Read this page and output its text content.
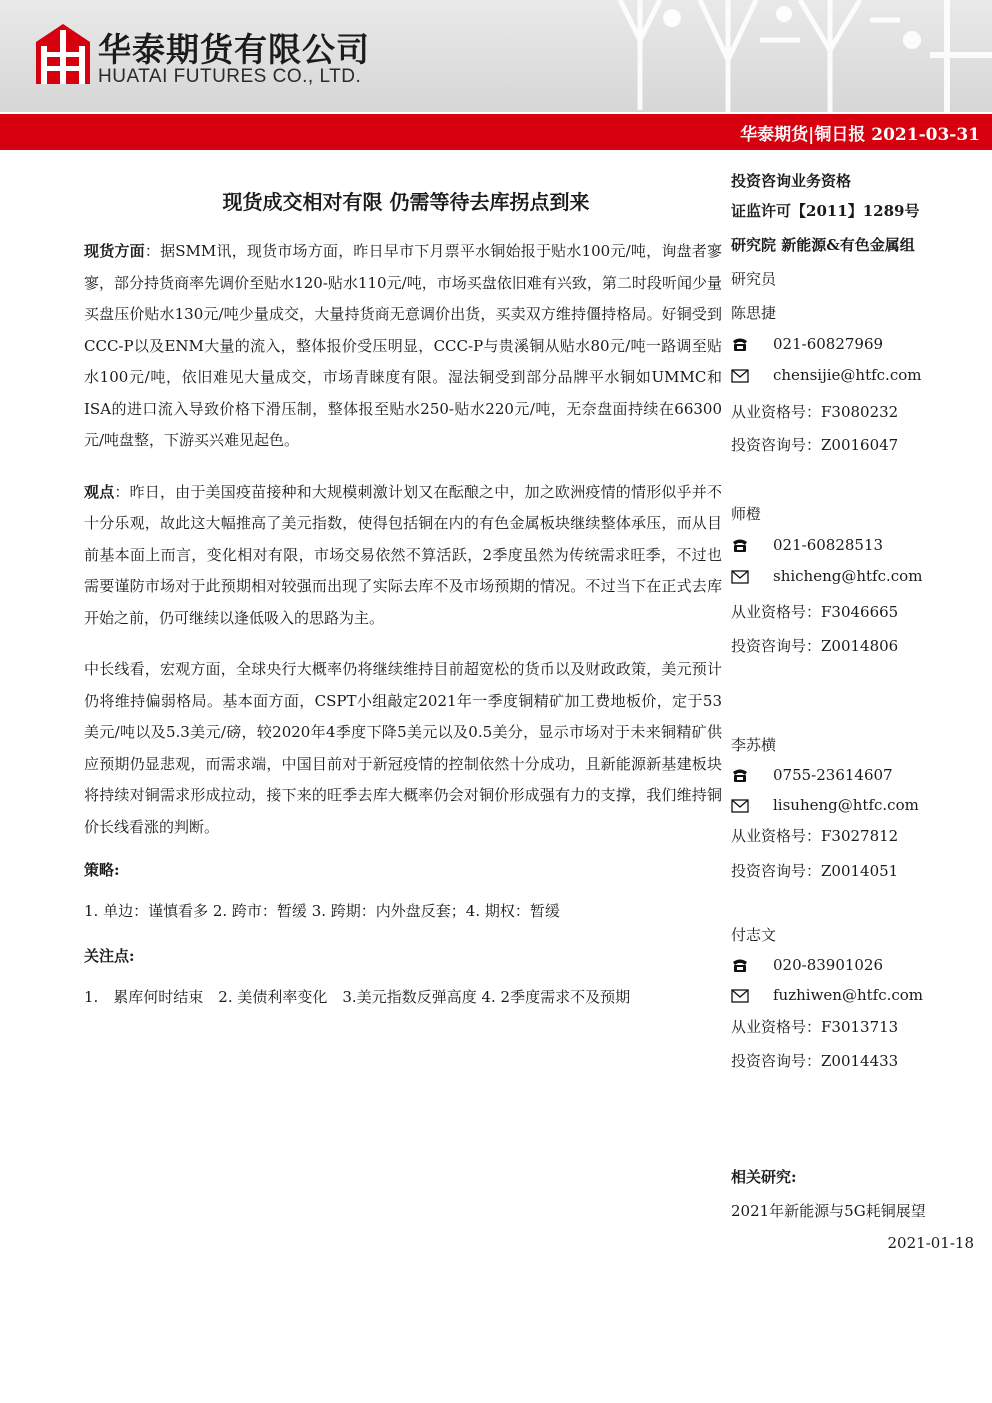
华泰期货有限公司
HUATAI FUTURES CO., LTD.
华泰期货|铜日报 2021-03-31
现货成交相对有限 仍需等待去库拐点到来

现货方面：据SMM讯，现货市场方面，昨日早市下月票平水铜始报于贴水100元/吨，询盘者寥寥，部分持货商率先调价至贴水120-贴水110元/吨，市场买盘依旧难有兴致，第二时段听闻少量买盘压价贴水130元/吨少量成交，大量持货商无意调价出货，买卖双方维持僵持格局。好铜受到CCC-P以及ENM大量的流入，整体报价受压明显，CCC-P与贵溪铜从贴水80元/吨一路调至贴水100元/吨，依旧难见大量成交，市场青睐度有限。湿法铜受到部分品牌平水铜如UMMC和ISA的进口流入导致价格下滑压制，整体报至贴水250-贴水220元/吨，无奈盘面持续在66300元/吨盘整，下游买兴难见起色。

观点：昨日，由于美国疫苗接种和大规模刺激计划又在酝酿之中，加之欧洲疫情的情形似乎并不十分乐观，故此这大幅推高了美元指数，使得包括铜在内的有色金属板块继续整体承压，而从目前基本面上而言，变化相对有限，市场交易依然不算活跃，2季度虽然为传统需求旺季，不过也需要谨防市场对于此预期相对较强而出现了实际去库不及市场预期的情况。不过当下在正式去库开始之前，仍可继续以逢低吸入的思路为主。

中长线看，宏观方面，全球央行大概率仍将继续维持目前超宽松的货币以及财政政策，美元预计仍将维持偏弱格局。基本面方面，CSPT小组敲定2021年一季度铜精矿加工费地板价，定于53美元/吨以及5.3美元/磅，较2020年4季度下降5美元以及0.5美分，显示市场对于未来铜精矿供应预期仍显悲观，而需求端，中国目前对于新冠疫情的控制依然十分成功，且新能源新基建板块将持续对铜需求形成拉动，接下来的旺季去库大概率仍会对铜价形成强有力的支撑，我们维持铜价长线看涨的判断。

策略:
1. 单边：谨慎看多 2. 跨市：暂缓 3. 跨期：内外盘反套；4. 期权：暂缓
关注点:
1.　累库何时结束　2. 美债利率变化　3.美元指数反弹高度 4. 2季度需求不及预期
投资咨询业务资格
证监许可【2011】1289号
研究院 新能源&有色金属组
研究员
陈思捷
021-60827969
chensijie@htfc.com
从业资格号：F3080232
投资咨询号：Z0016047
师橙
021-60828513
shicheng@htfc.com
从业资格号：F3046665
投资咨询号：Z0014806
李苏横
0755-23614607
lisuheng@htfc.com
从业资格号：F3027812
投资咨询号：Z0014051
付志文
020-83901026
fuzhiwen@htfc.com
从业资格号：F3013713
投资咨询号：Z0014433
相关研究:
2021年新能源与5G耗铜展望
2021-01-18
